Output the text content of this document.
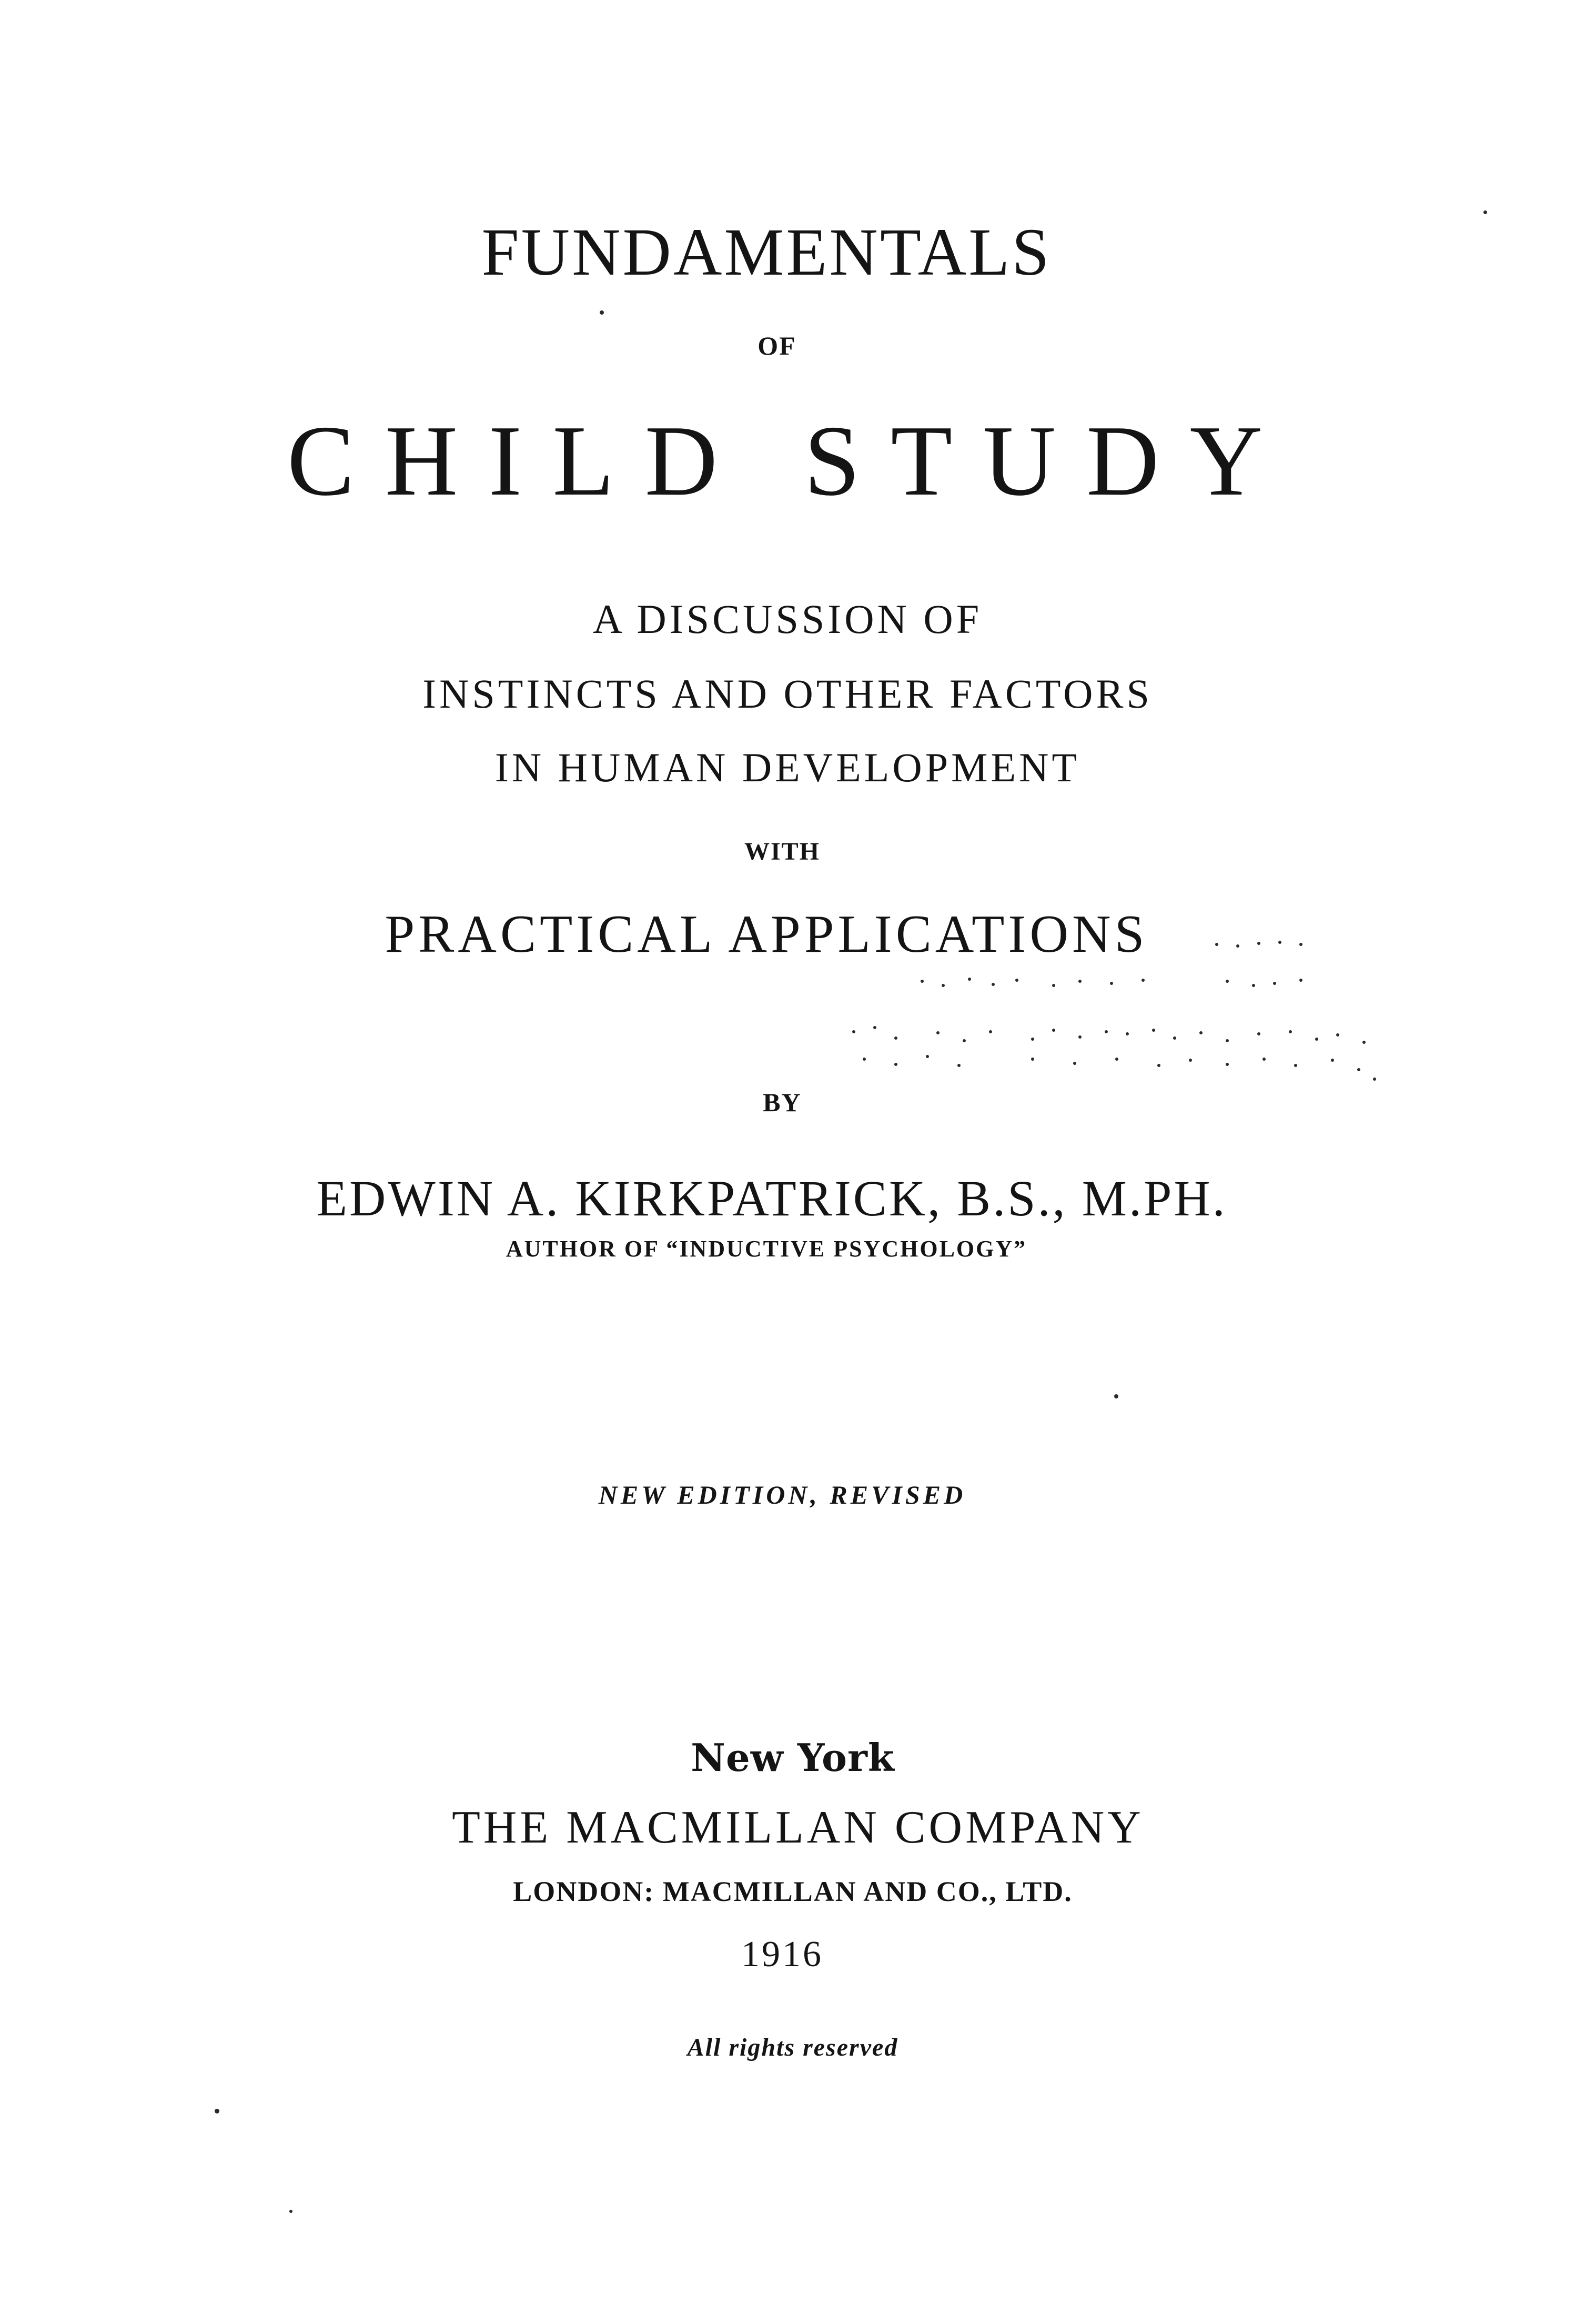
FUNDAMENTALS
OF
CHILD STUDY
A DISCUSSION OF
INSTINCTS AND OTHER FACTORS
IN HUMAN DEVELOPMENT
WITH
PRACTICAL APPLICATIONS
BY
EDWIN A. KIRKPATRICK, B.S., M.PH.
AUTHOR OF “INDUCTIVE PSYCHOLOGY”
NEW EDITION, REVISED
New York
THE MACMILLAN COMPANY
LONDON: MACMILLAN AND CO., LTD.
1916
All rights reserved
